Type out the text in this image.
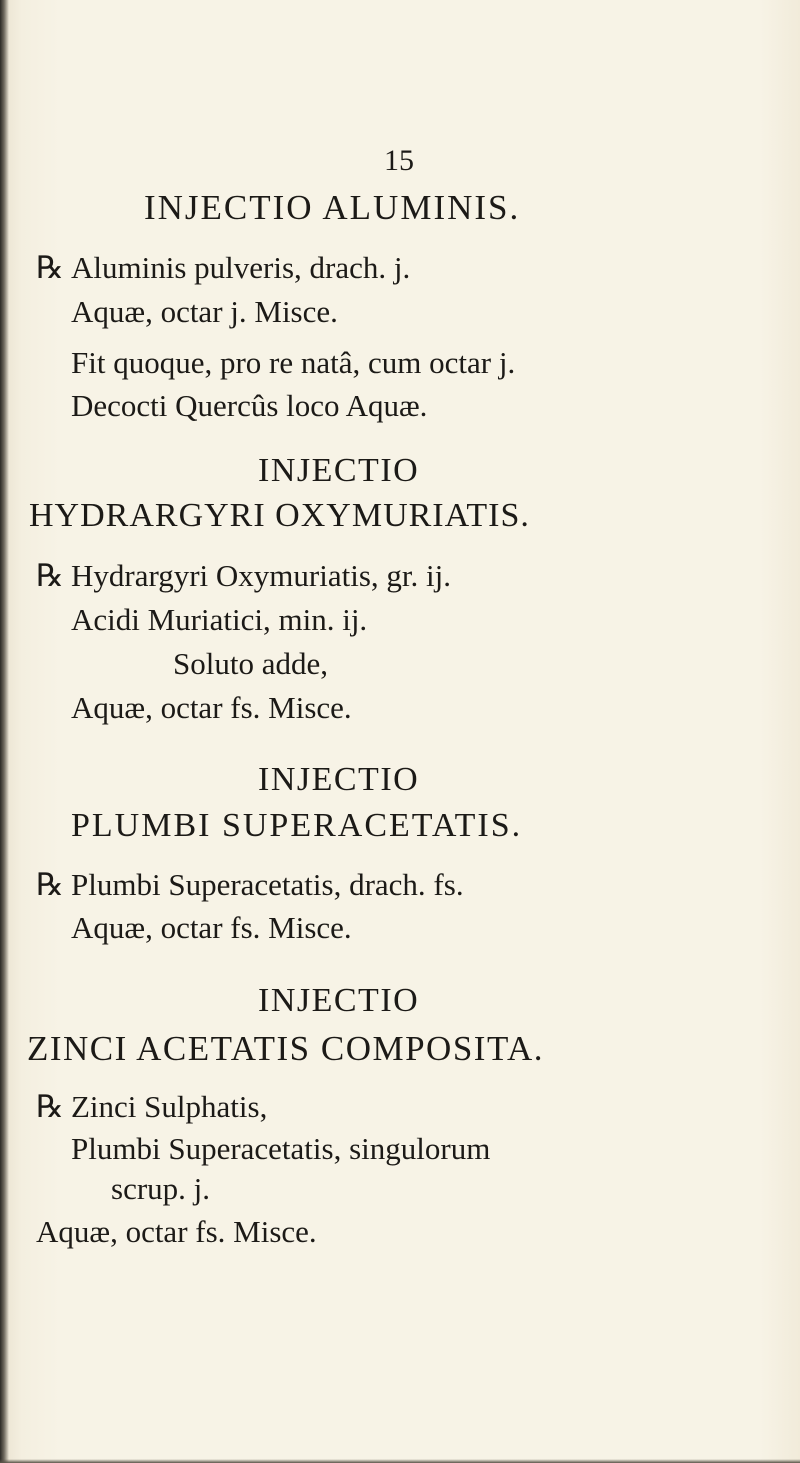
15
INJECTIO ALUMINIS.
℞ Aluminis pulveris, drach. j.
Aquæ, octar j. Misce.
Fit quoque, pro re natâ, cum octar j.
Decocti Quercûs loco Aquæ.
INJECTIO
HYDRARGYRI OXYMURIATIS.
℞ Hydrargyri Oxymuriatis, gr. ij.
Acidi Muriatici, min. ij.
Soluto adde,
Aquæ, octar fs. Misce.
INJECTIO
PLUMBI SUPERACETATIS.
℞ Plumbi Superacetatis, drach. fs.
Aquæ, octar fs. Misce.
INJECTIO
ZINCI ACETATIS COMPOSITA.
℞ Zinci Sulphatis,
Plumbi Superacetatis, singulorum
scrup. j.
Aquæ, octar fs. Misce.
